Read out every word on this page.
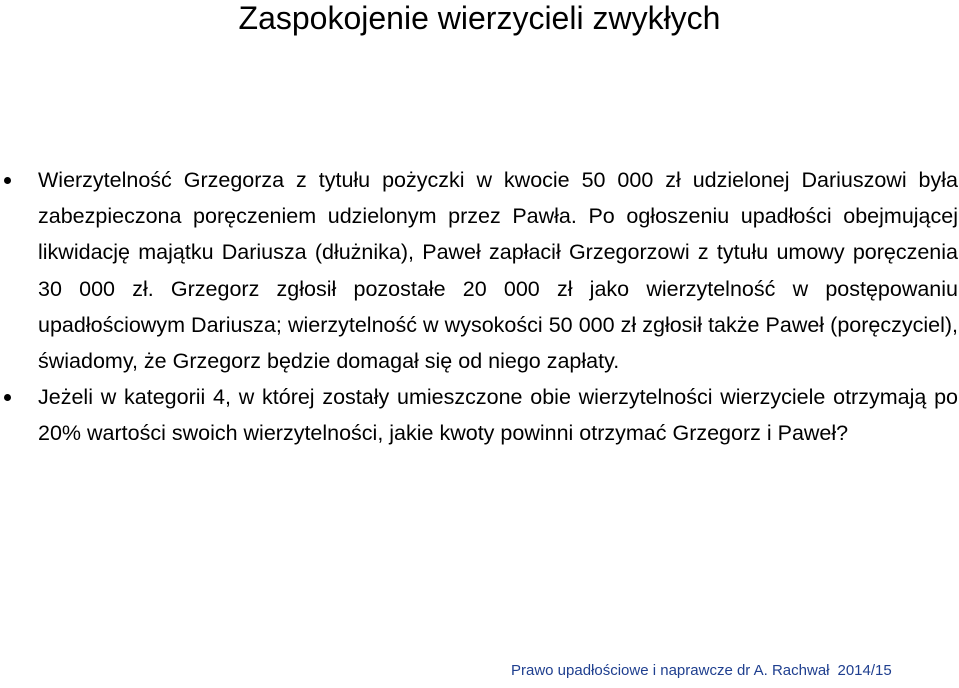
Zaspokojenie wierzycieli zwykłych
Wierzytelność Grzegorza z tytułu pożyczki w kwocie 50 000 zł udzielonej Dariuszowi była zabezpieczona poręczeniem udzielonym przez Pawła. Po ogłoszeniu upadłości obejmującej likwidację majątku Dariusza (dłużnika), Paweł zapłacił Grzegorzowi z tytułu umowy poręczenia 30 000 zł. Grzegorz zgłosił pozostałe 20 000 zł jako wierzytelność w postępowaniu upadłościowym Dariusza; wierzytelność w wysokości 50 000 zł zgłosił także Paweł (poręczyciel), świadomy, że Grzegorz będzie domagał się od niego zapłaty.
Jeżeli w kategorii 4, w której zostały umieszczone obie wierzytelności wierzyciele otrzymają po 20% wartości swoich wierzytelności, jakie kwoty powinni otrzymać Grzegorz i Paweł?
Prawo upadłościowe i naprawcze dr A. Rachwał 2014/15
